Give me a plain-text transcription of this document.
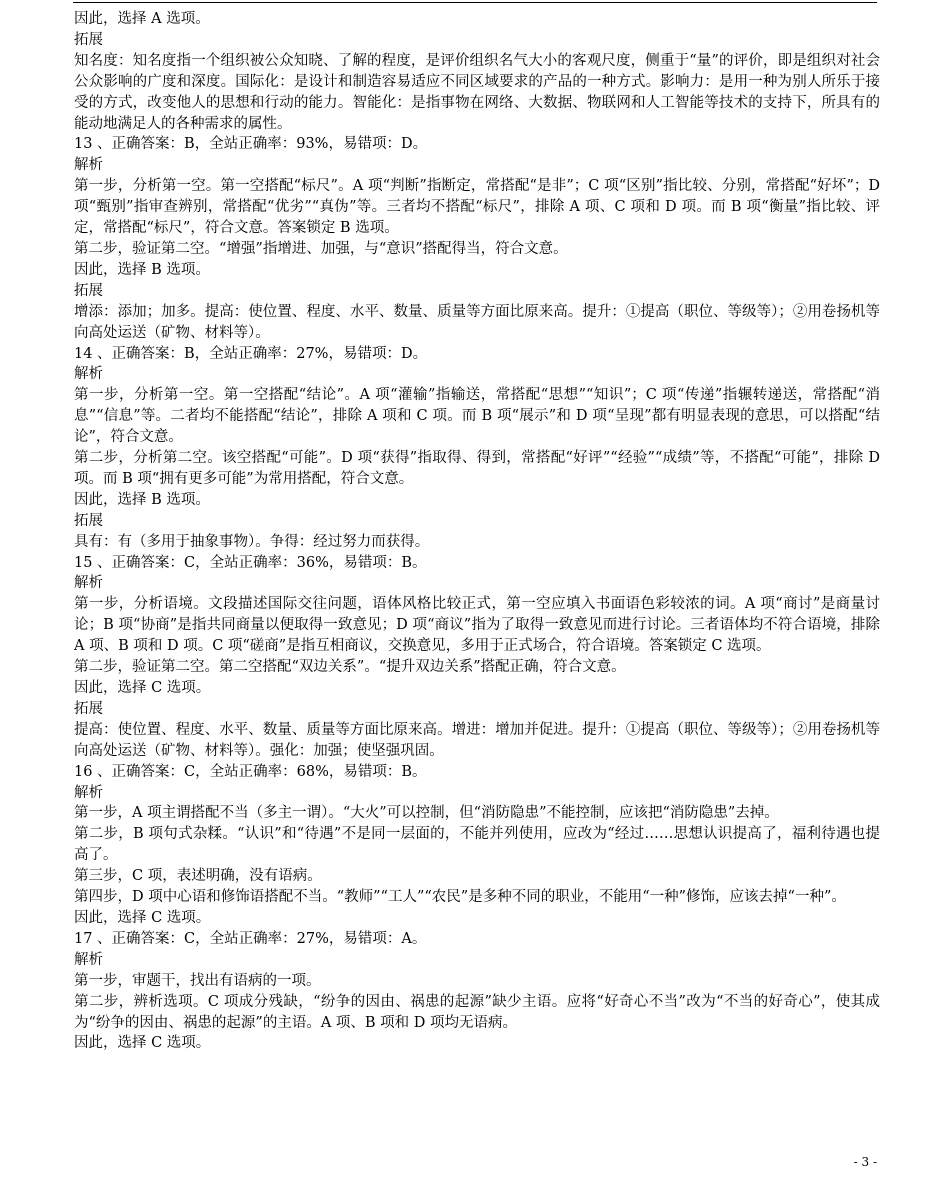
因此，选择 A 选项。

拓展

知名度：知名度指一个组织被公众知晓、了解的程度，是评价组织名气大小的客观尺度，侧重于“量”的评价，即是组织对社会公众影响的广度和深度。国际化：是设计和制造容易适应不同区域要求的产品的一种方式。影响力：是用一种为别人所乐于接受的方式，改变他人的思想和行动的能力。智能化：是指事物在网络、大数据、物联网和人工智能等技术的支持下，所具有的能动地满足人的各种需求的属性。

13 、正确答案：B，全站正确率：93%，易错项：D。

解析

第一步，分析第一空。第一空搭配“标尺”。A 项“判断”指断定，常搭配“是非”；C 项“区别”指比较、分别，常搭配“好坏”；D 项“甄别”指审查辨别，常搭配“优劣”“真伪”等。三者均不搭配“标尺”，排除 A 项、C 项和 D 项。而 B 项“衡量”指比较、评定，常搭配“标尺”，符合文意。答案锁定 B 选项。

第二步，验证第二空。“增强”指增进、加强，与“意识”搭配得当，符合文意。

因此，选择 B 选项。

拓展

增添：添加；加多。提高：使位置、程度、水平、数量、质量等方面比原来高。提升：①提高（职位、等级等）；②用卷扬机等向高处运送（矿物、材料等）。

14 、正确答案：B，全站正确率：27%，易错项：D。

解析

第一步，分析第一空。第一空搭配“结论”。A 项“灌输”指输送，常搭配“思想”“知识”；C 项“传递”指辗转递送，常搭配“消息”“信息”等。二者均不能搭配“结论”，排除 A 项和 C 项。而 B 项“展示”和 D 项“呈现”都有明显表现的意思，可以搭配“结论”，符合文意。

第二步，分析第二空。该空搭配“可能”。D 项“获得”指取得、得到，常搭配“好评”“经验”“成绩”等，不搭配“可能”，排除 D 项。而 B 项“拥有更多可能”为常用搭配，符合文意。

因此，选择 B 选项。

拓展

具有：有（多用于抽象事物）。争得：经过努力而获得。

15 、正确答案：C，全站正确率：36%，易错项：B。

解析

第一步，分析语境。文段描述国际交往问题，语体风格比较正式，第一空应填入书面语色彩较浓的词。A 项“商讨”是商量讨论；B 项“协商”是指共同商量以便取得一致意见；D 项“商议”指为了取得一致意见而进行讨论。三者语体均不符合语境，排除 A 项、B 项和 D 项。C 项“磋商”是指互相商议，交换意见，多用于正式场合，符合语境。答案锁定 C 选项。

第二步，验证第二空。第二空搭配“双边关系”。“提升双边关系”搭配正确，符合文意。

因此，选择 C 选项。

拓展

提高：使位置、程度、水平、数量、质量等方面比原来高。增进：增加并促进。提升：①提高（职位、等级等）；②用卷扬机等向高处运送（矿物、材料等）。强化：加强；使坚强巩固。

16 、正确答案：C，全站正确率：68%，易错项：B。

解析

第一步，A 项主谓搭配不当（多主一谓）。“大火”可以控制，但“消防隐患”不能控制，应该把“消防隐患”去掉。

第二步，B 项句式杂糅。“认识”和“待遇”不是同一层面的，不能并列使用，应改为“经过……思想认识提高了，福利待遇也提高了。

第三步，C 项，表述明确，没有语病。

第四步，D 项中心语和修饰语搭配不当。“教师”“工人”“农民”是多种不同的职业，不能用“一种”修饰，应该去掉“一种”。

因此，选择 C 选项。

17 、正确答案：C，全站正确率：27%，易错项：A。

解析

第一步，审题干，找出有语病的一项。

第二步，辨析选项。C 项成分残缺，“纷争的因由、祸患的起源”缺少主语。应将“好奇心不当”改为“不当的好奇心”，使其成为“纷争的因由、祸患的起源”的主语。A 项、B 项和 D 项均无语病。

因此，选择 C 选项。

- 3 -
